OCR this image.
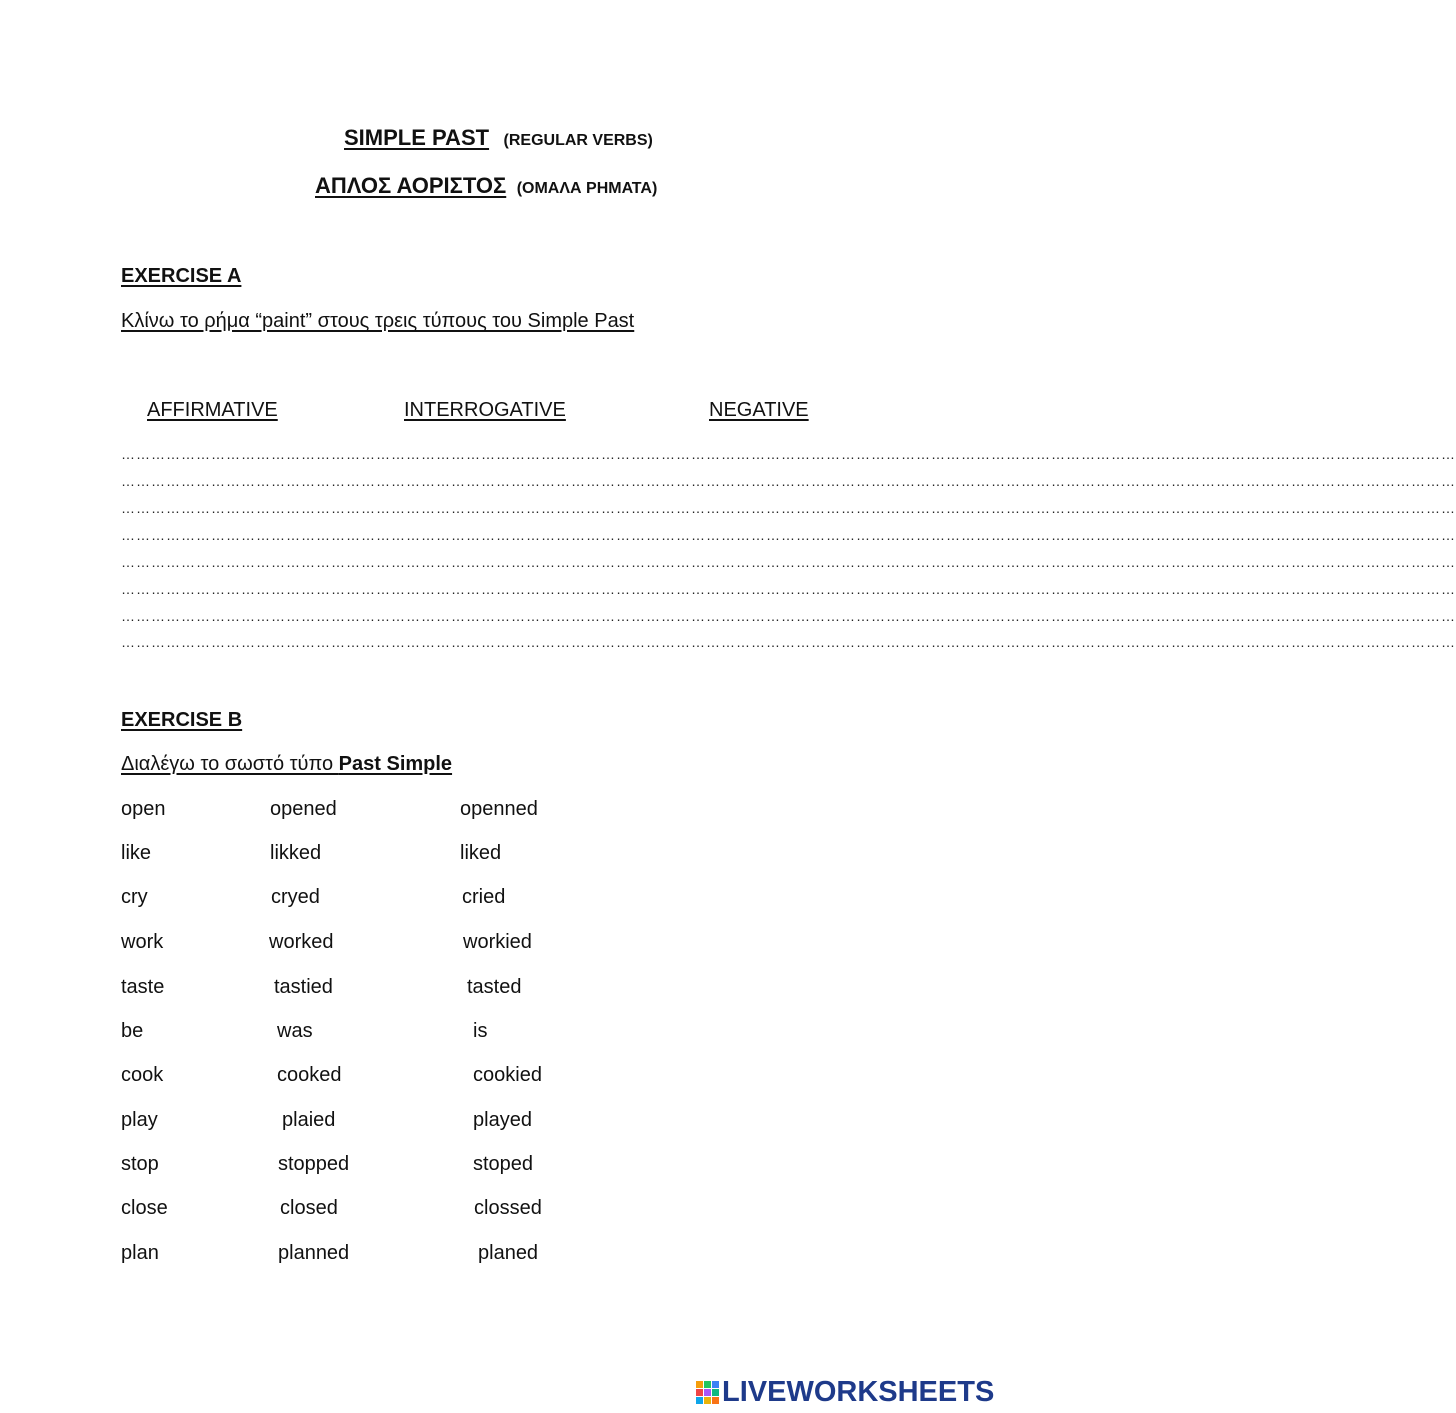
SIMPLE PAST (REGULAR VERBS)
ΑΠΛΟΣ ΑΟΡΙΣΤΟΣ (ΟΜΑΛΑ ΡΗΜΑΤΑ)
EXERCISE A
Κλίνω το ρήμα “paint” στους τρεις τύπους του Simple Past
AFFIRMATIVE	INTERROGATIVE	NEGATIVE
……………………………………………………………………………………………………………………………………………………………………………………………………………………………………………
……………………………………………………………………………………………………………………………………………………………………………………………………………………………………………
……………………………………………………………………………………………………………………………………………………………………………………………………………………………………………
……………………………………………………………………………………………………………………………………………………………………………………………………………………………………………
……………………………………………………………………………………………………………………………………………………………………………………………………………………………………………
……………………………………………………………………………………………………………………………………………………………………………………………………………………………………………
……………………………………………………………………………………………………………………………………………………………………………………………………………………………………………
……………………………………………………………………………………………………………………………………………………………………………………………………………………………………………
EXERCISE B
Διαλέγω το σωστό τύπο Past Simple
open	opened	openned
like	likked	liked
cry	cryed	cried
work	worked	workied
taste	tastied	tasted
be	was	is
cook	cooked	cookied
play	plaied	played
stop	stopped	stoped
close	closed	clossed
plan	planned	planed
LIVEWORKSHEETS
